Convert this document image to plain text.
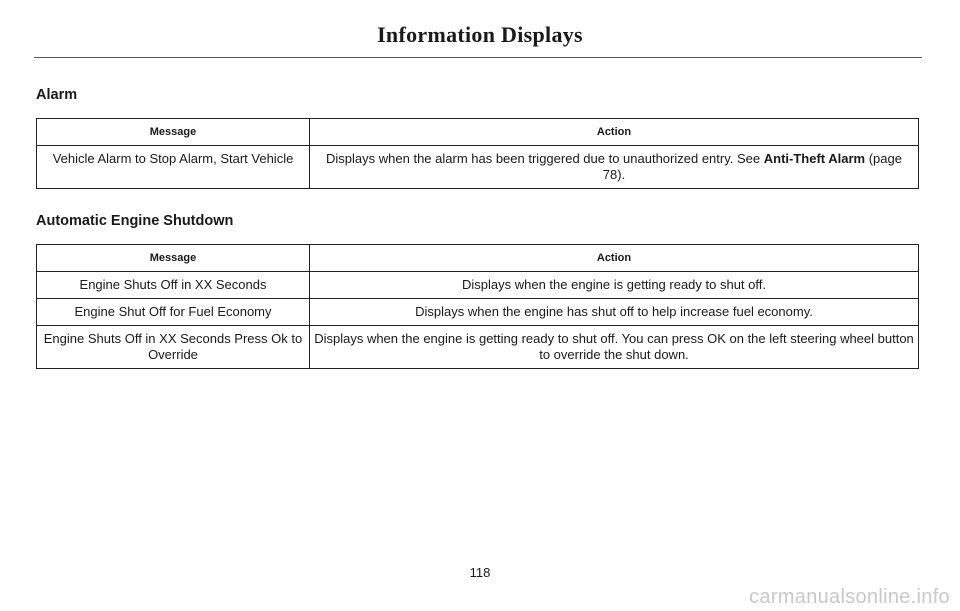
Information Displays
Alarm
Message	Action
Vehicle Alarm to Stop Alarm, Start Vehicle	Displays when the alarm has been triggered due to unauthorized entry. See Anti-Theft Alarm (page 78).
Automatic Engine Shutdown
Message	Action
Engine Shuts Off in XX Seconds	Displays when the engine is getting ready to shut off.
Engine Shut Off for Fuel Economy	Displays when the engine has shut off to help increase fuel economy.
Engine Shuts Off in XX Seconds Press Ok to Override	Displays when the engine is getting ready to shut off. You can press OK on the left steering wheel button to override the shut down.
118
carmanualsonline.info
